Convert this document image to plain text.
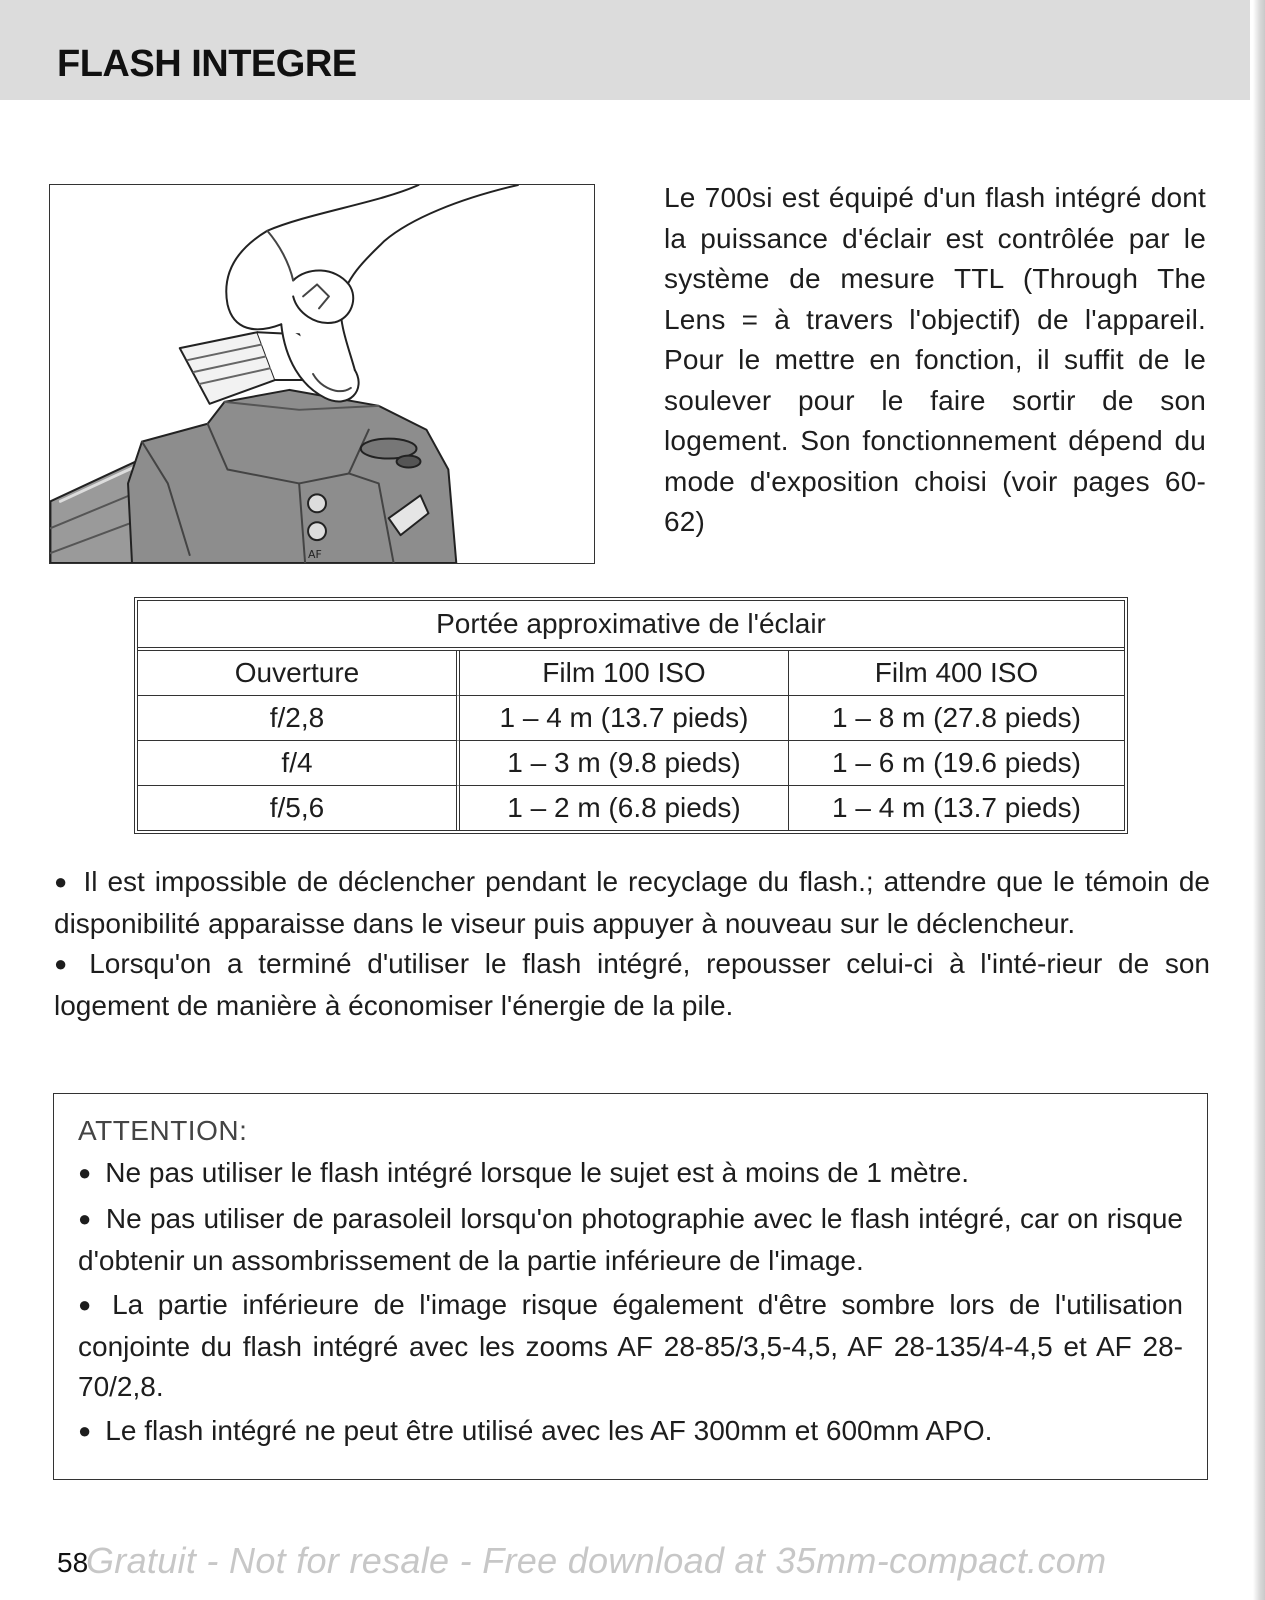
FLASH INTEGRE
AF

Le 700si est équipé d'un flash intégré dont la puissance d'éclair est contrôlée par le système de mesure TTL (Through The Lens = à travers l'objectif) de l'appareil. Pour le mettre en fonction, il suffit de le soulever pour le faire sortir de son logement. Son fonctionnement dépend du mode d'exposition choisi (voir pages 60-62)

Portée approximative de l'éclair		
Ouverture	Film 100 ISO	Film 400 ISO
f/2,8	1 – 4 m (13.7 pieds)	1 – 8 m (27.8 pieds)
f/4	1 – 3 m (9.8 pieds)	1 – 6 m (19.6 pieds)
f/5,6	1 – 2 m (6.8 pieds)	1 – 4 m (13.7 pieds)

● Il est impossible de déclencher pendant le recyclage du flash.; attendre que le témoin de disponibilité apparaisse dans le viseur puis appuyer à nouveau sur le déclencheur.

● Lorsqu'on a terminé d'utiliser le flash intégré, repousser celui-ci à l'inté-rieur de son logement de manière à économiser l'énergie de la pile.

ATTENTION:

● Ne pas utiliser le flash intégré lorsque le sujet est à moins de 1 mètre.

● Ne pas utiliser de parasoleil lorsqu'on photographie avec le flash intégré, car on risque d'obtenir un assombrissement de la partie inférieure de l'image.

● La partie inférieure de l'image risque également d'être sombre lors de l'utilisation conjointe du flash intégré avec les zooms AF 28-85/3,5-4,5, AF 28-135/4-4,5 et AF 28-70/2,8.

● Le flash intégré ne peut être utilisé avec les AF 300mm et 600mm APO.

58
Gratuit - Not for resale - Free download at 35mm-compact.com
